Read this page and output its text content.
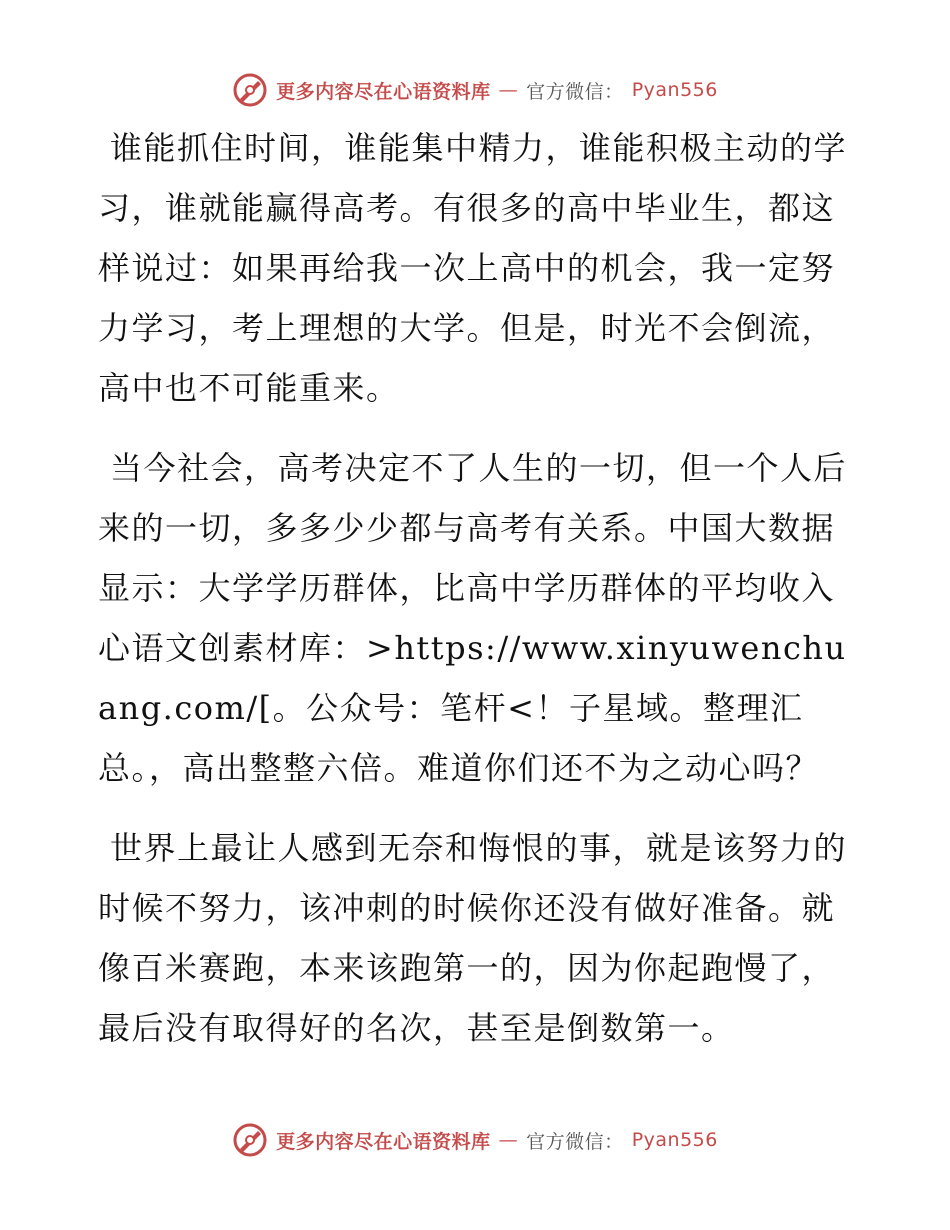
更多内容尽在心语资料库 — 官方微信： Pyan556

谁能抓住时间，谁能集中精力，谁能积极主动的学习，谁就能赢得高考。有很多的高中毕业生，都这样说过：如果再给我一次上高中的机会，我一定努力学习，考上理想的大学。但是，时光不会倒流，高中也不可能重来。

当今社会，高考决定不了人生的一切，但一个人后来的一切，多多少少都与高考有关系。中国大数据显示：大学学历群体，比高中学历群体的平均收入心语文创素材库：>https://www.xinyuwenchuang.com/[。公众号：笔杆<！子星域。整理汇总。，高出整整六倍。难道你们还不为之动心吗？

世界上最让人感到无奈和悔恨的事，就是该努力的时候不努力，该冲刺的时候你还没有做好准备。就像百米赛跑，本来该跑第一的，因为你起跑慢了，最后没有取得好的名次，甚至是倒数第一。

更多内容尽在心语资料库 — 官方微信： Pyan556
